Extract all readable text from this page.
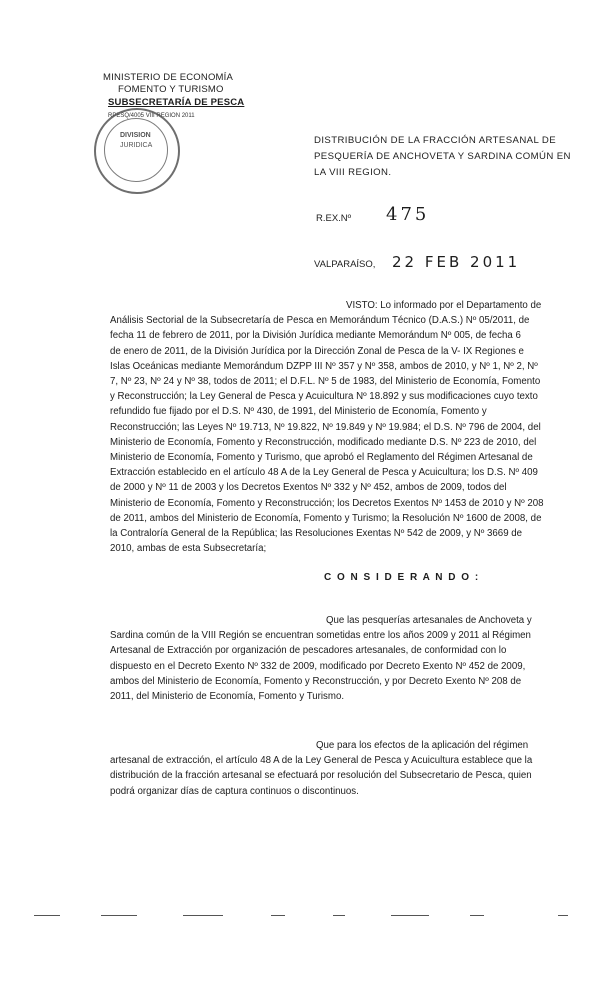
MINISTERIO DE ECONOMÍA
FOMENTO Y TURISMO
SUBSECRETARÍA DE PESCA
RPESQ/4005 VIII REGION 2011
DIVISION
JURIDICA	DISTRIBUCIÓN DE LA FRACCIÓN ARTESANAL DE
PESQUERÍA DE ANCHOVETA Y SARDINA COMÚN EN
LA VIII REGION.
R.EX.Nº 475
VALPARAÍSO, 22 FEB 2011
VISTO: Lo informado por el Departamento de
Análisis Sectorial de la Subsecretaría de Pesca en Memorándum Técnico (D.A.S.) Nº 05/2011, de
fecha 11 de febrero de 2011, por la División Jurídica mediante Memorándum Nº 005, de fecha 6
de enero de 2011, de la División Jurídica por la Dirección Zonal de Pesca de la V- IX Regiones e
Islas Oceánicas mediante Memorándum DZPP III Nº 357 y Nº 358, ambos de 2010, y Nº 1, Nº 2, Nº
7, Nº 23, Nº 24 y Nº 38, todos de 2011; el D.F.L. Nº 5 de 1983, del Ministerio de Economía, Fomento
y Reconstrucción; la Ley General de Pesca y Acuicultura Nº 18.892 y sus modificaciones cuyo texto
refundido fue fijado por el D.S. Nº 430, de 1991, del Ministerio de Economía, Fomento y
Reconstrucción; las Leyes Nº 19.713, Nº 19.822, Nº 19.849 y Nº 19.984; el D.S. Nº 796 de 2004, del
Ministerio de Economía, Fomento y Reconstrucción, modificado mediante D.S. Nº 223 de 2010, del
Ministerio de Economía, Fomento y Turismo, que aprobó el Reglamento del Régimen Artesanal de
Extracción establecido en el artículo 48 A de la Ley General de Pesca y Acuicultura; los D.S. Nº 409
de 2000 y Nº 11 de 2003 y los Decretos Exentos Nº 332 y Nº 452, ambos de 2009, todos del
Ministerio de Economía, Fomento y Reconstrucción; los Decretos Exentos Nº 1453 de 2010 y Nº 208
de 2011, ambos del Ministerio de Economía, Fomento y Turismo; la Resolución Nº 1600 de 2008, de
la Contraloría General de la República; las Resoluciones Exentas Nº 542 de 2009, y Nº 3669 de
2010, ambas de esta Subsecretaría;
C O N S I D E R A N D O :
Que las pesquerías artesanales de Anchoveta y
Sardina común de la VIII Región se encuentran sometidas entre los años 2009 y 2011 al Régimen
Artesanal de Extracción por organización de pescadores artesanales, de conformidad con lo
dispuesto en el Decreto Exento Nº 332 de 2009, modificado por Decreto Exento Nº 452 de 2009,
ambos del Ministerio de Economía, Fomento y Reconstrucción, y por Decreto Exento Nº 208 de
2011, del Ministerio de Economía, Fomento y Turismo.
Que para los efectos de la aplicación del régimen
artesanal de extracción, el artículo 48 A de la Ley General de Pesca y Acuicultura establece que la
distribución de la fracción artesanal se efectuará por resolución del Subsecretario de Pesca, quien
podrá organizar días de captura continuos o discontinuos.
